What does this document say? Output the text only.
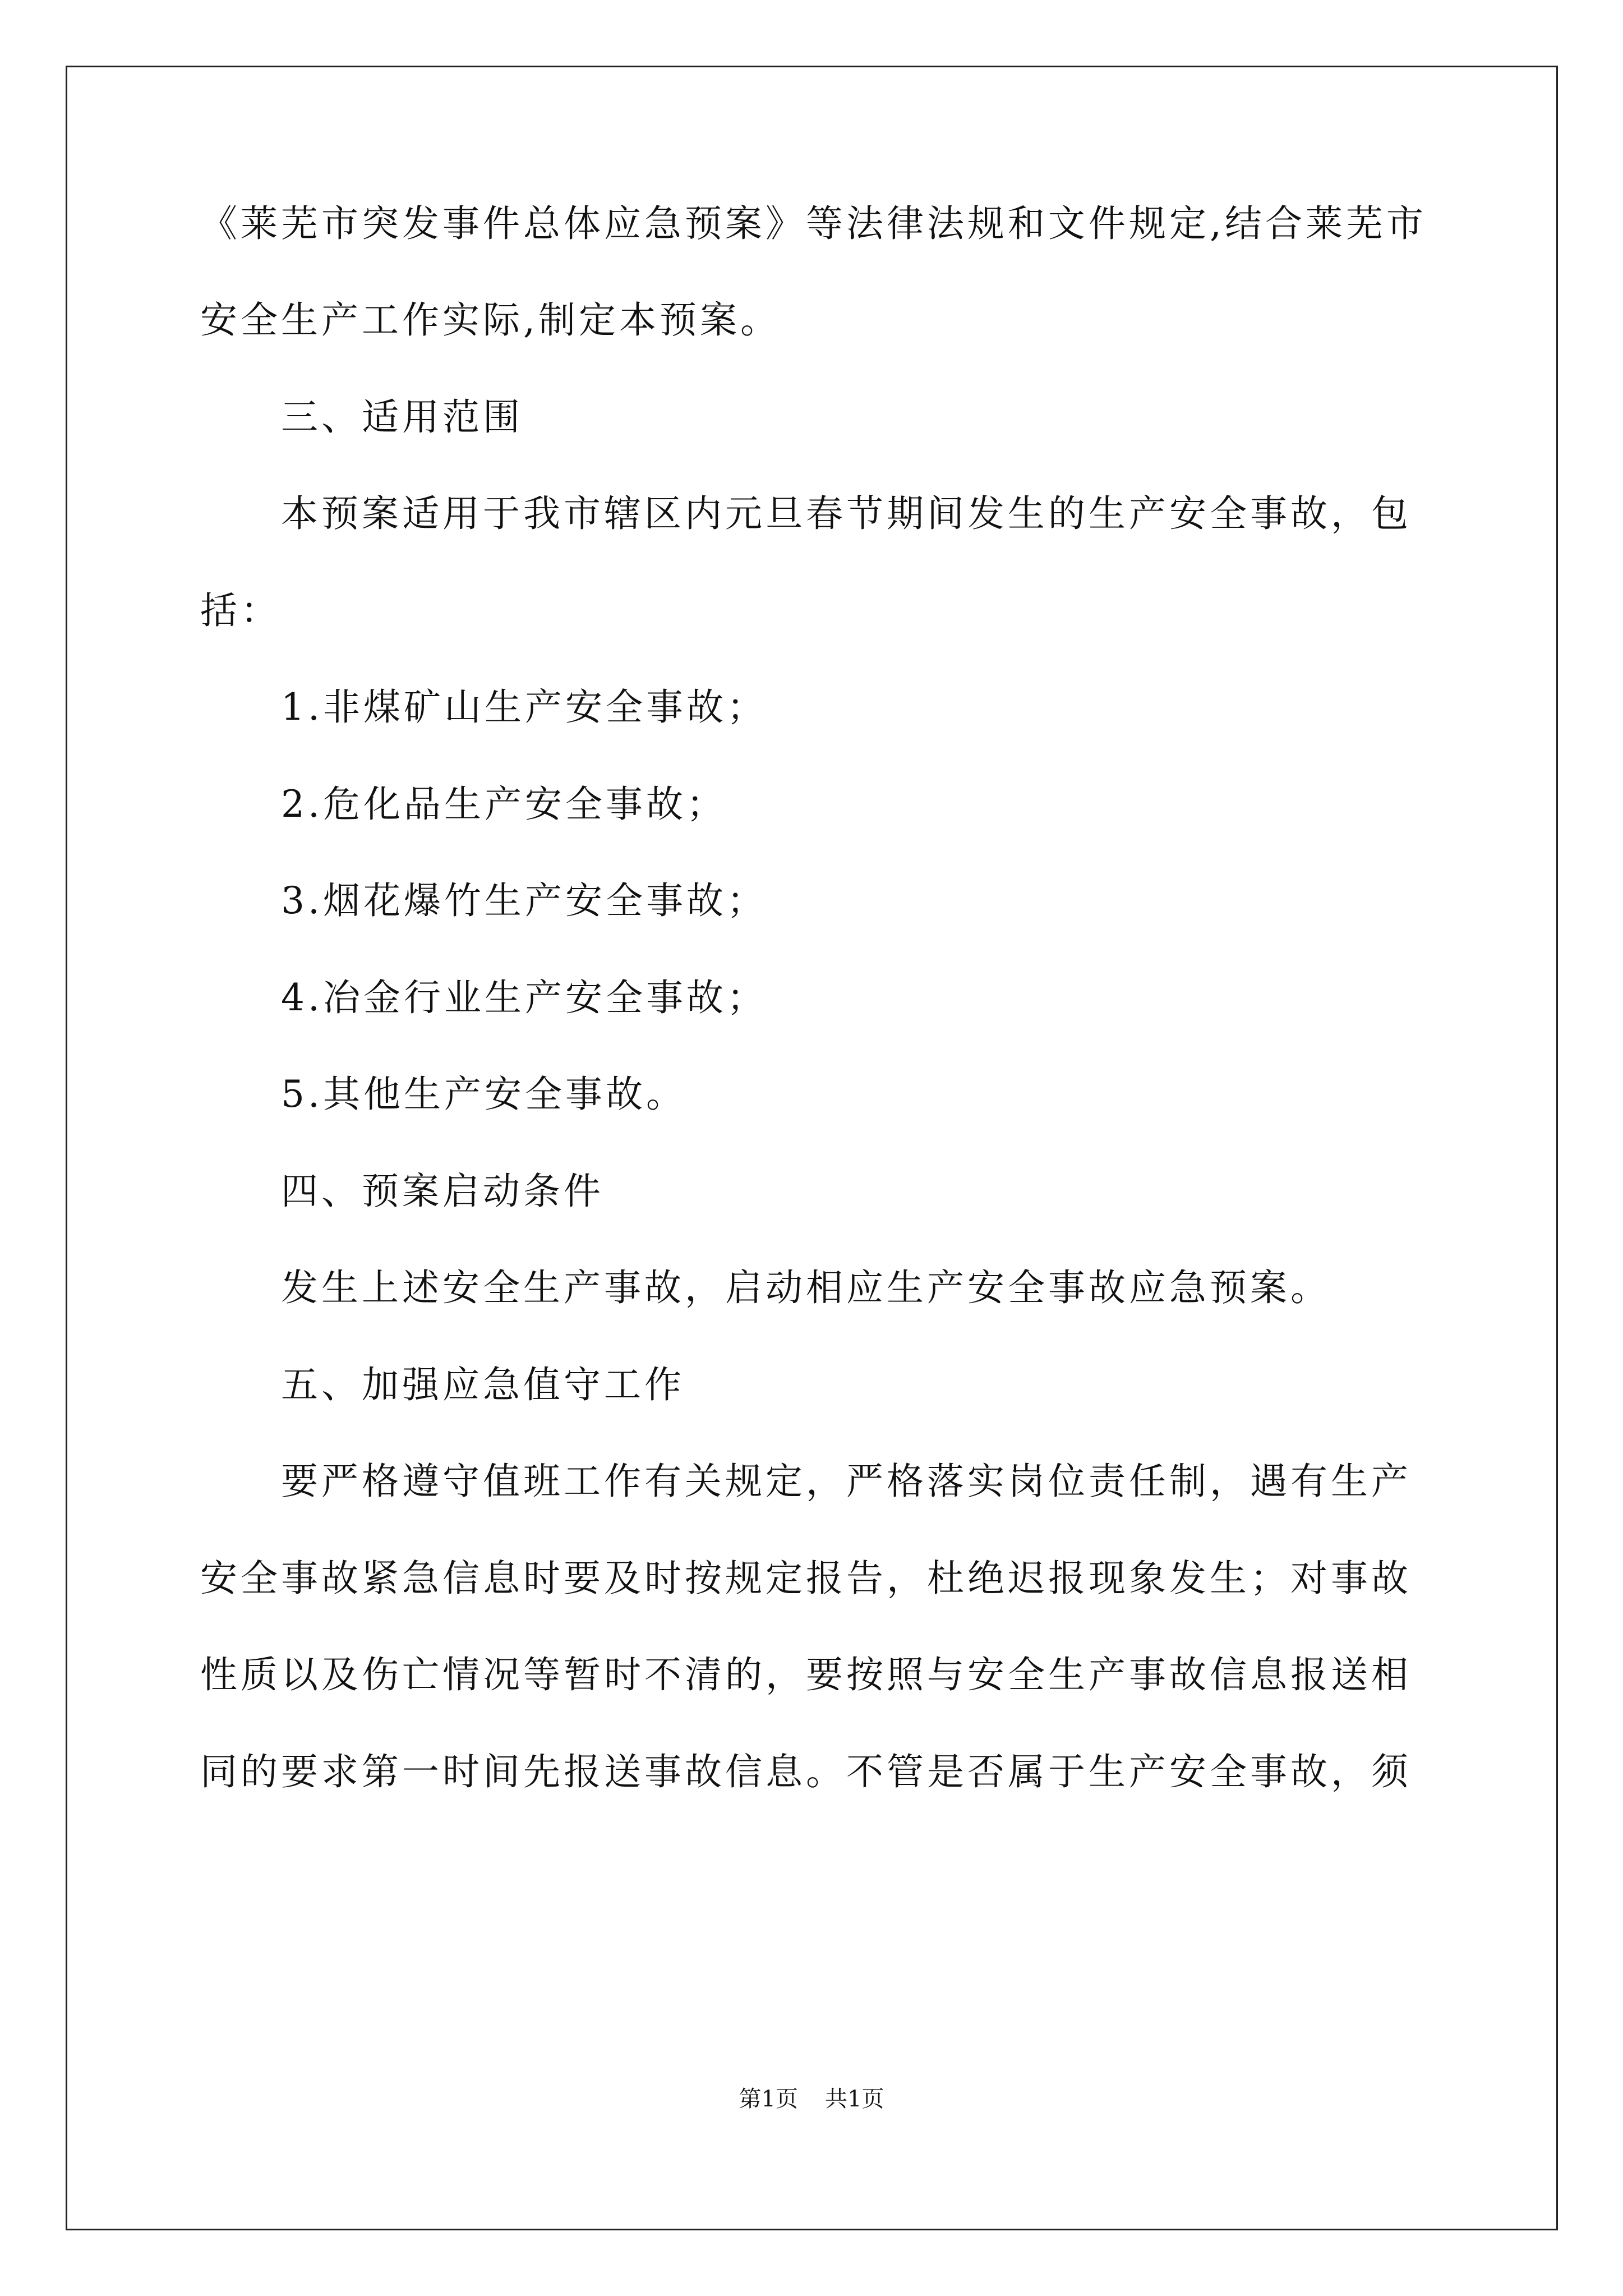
《莱芜市突发事件总体应急预案》等法律法规和文件规定,结合莱芜市

安全生产工作实际,制定本预案。

三、适用范围

本预案适用于我市辖区内元旦春节期间发生的生产安全事故，包

括：

1.非煤矿山生产安全事故；

2.危化品生产安全事故；

3.烟花爆竹生产安全事故；

4.冶金行业生产安全事故；

5.其他生产安全事故。

四、预案启动条件

发生上述安全生产事故，启动相应生产安全事故应急预案。

五、加强应急值守工作

要严格遵守值班工作有关规定，严格落实岗位责任制，遇有生产

安全事故紧急信息时要及时按规定报告，杜绝迟报现象发生；对事故

性质以及伤亡情况等暂时不清的，要按照与安全生产事故信息报送相

同的要求第一时间先报送事故信息。不管是否属于生产安全事故，须

第1页 共1页
